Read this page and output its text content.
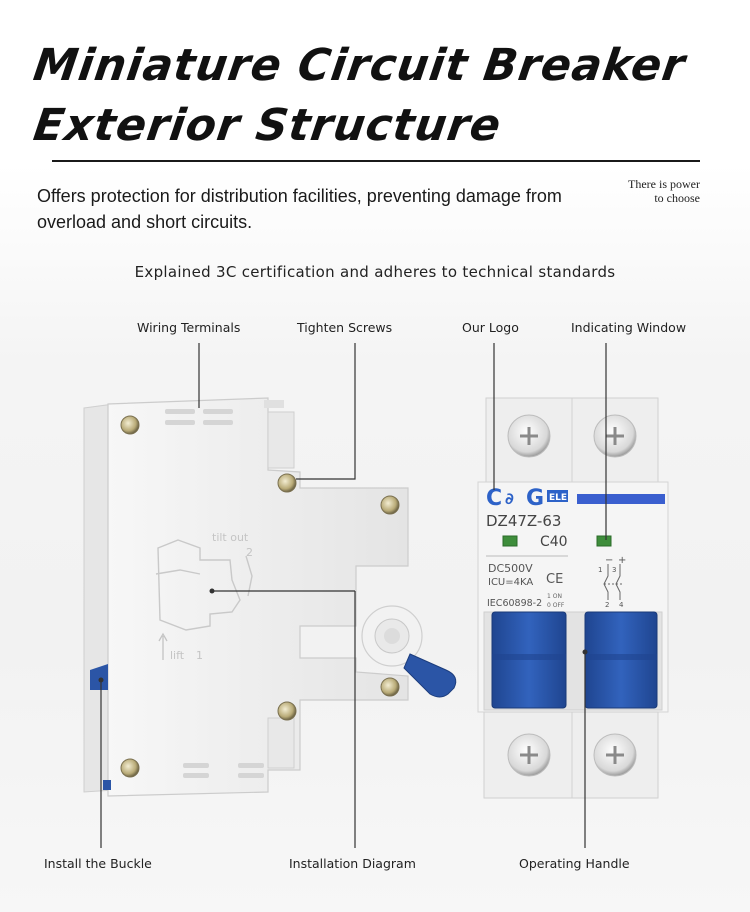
Miniature Circuit Breaker
Exterior Structure
Offers protection for distribution facilities, preventing damage from overload and short circuits.
There is power
to choose
Explained 3C certification and adheres to technical standards
tilt out
2
lift 1
C ∂ G ELE
DZ47Z-63
C40
DC500V
ICU=4KA CE
IEC60898-2
1 ON
0 OFF
− +
1 3
2 4
Wiring Terminals	Tighten Screws	Our Logo	Indicating Window
Install the Buckle	Installation Diagram	Operating Handle
